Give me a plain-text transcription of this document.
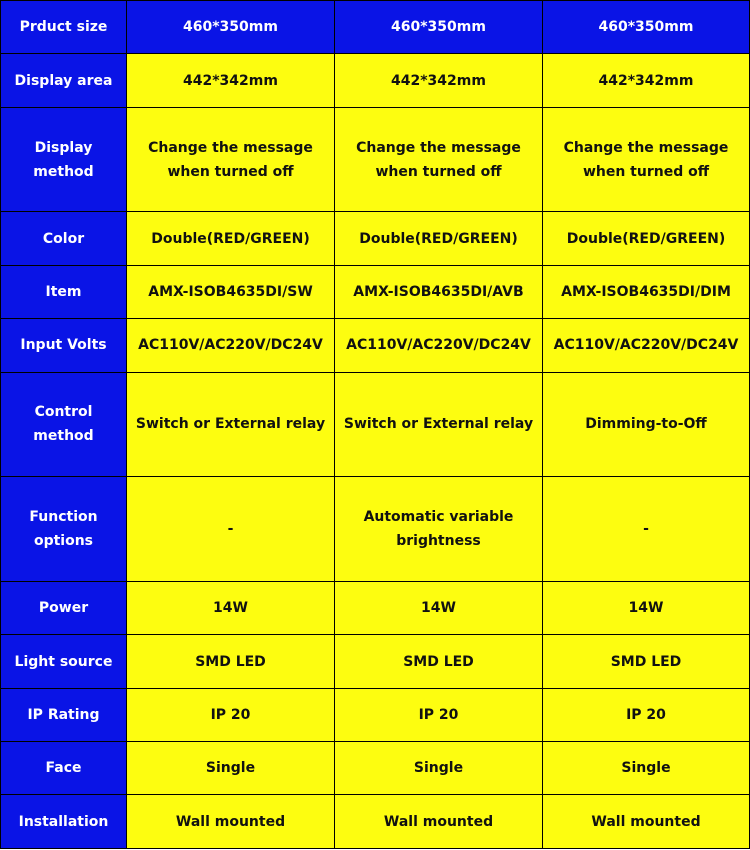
Prduct size	460*350mm	460*350mm	460*350mm
Display area	442*342mm	442*342mm	442*342mm
Display method	Change the message when turned off	Change the message when turned off	Change the message when turned off
Color	Double(RED/GREEN)	Double(RED/GREEN)	Double(RED/GREEN)
Item	AMX-ISOB4635DI/SW	AMX-ISOB4635DI/AVB	AMX-ISOB4635DI/DIM
Input Volts	AC110V/AC220V/DC24V	AC110V/AC220V/DC24V	AC110V/AC220V/DC24V
Control method	Switch or External relay	Switch or External relay	Dimming-to-Off
Function options	-	Automatic variable brightness	-
Power	14W	14W	14W
Light source	SMD LED	SMD LED	SMD LED
IP Rating	IP 20	IP 20	IP 20
Face	Single	Single	Single
Installation	Wall mounted	Wall mounted	Wall mounted
